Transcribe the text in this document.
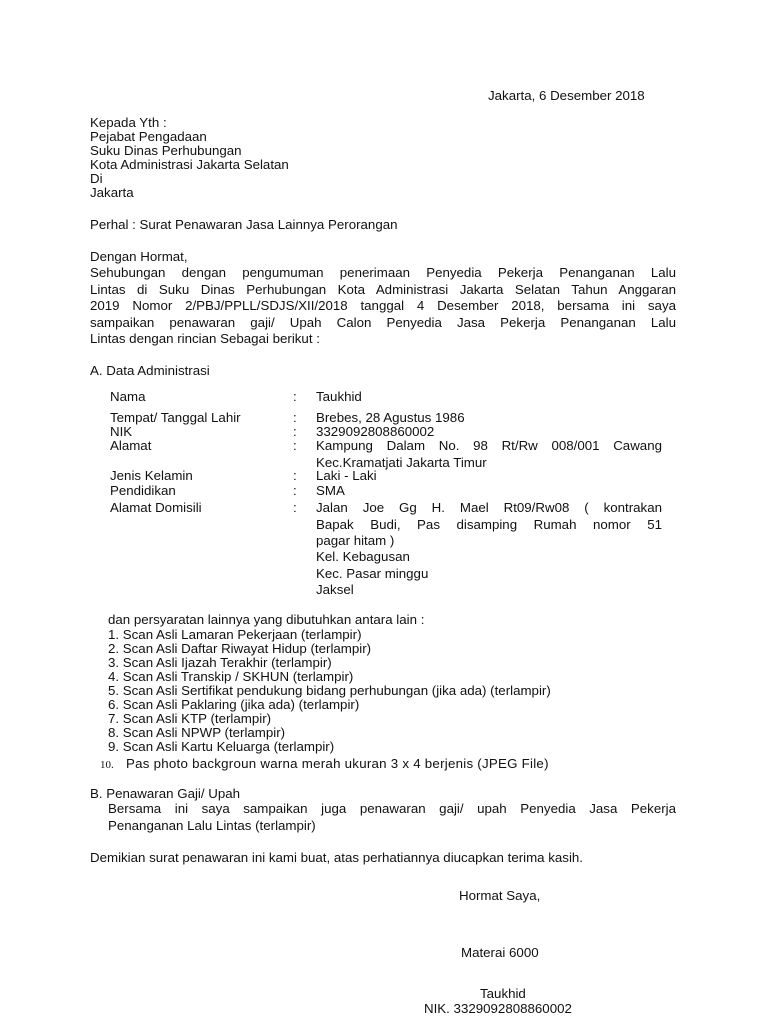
Jakarta, 6 Desember 2018
Kepada Yth :
Pejabat Pengadaan
Suku Dinas Perhubungan
Kota Administrasi Jakarta Selatan
Di
Jakarta
Perhal : Surat Penawaran Jasa Lainnya Perorangan
Dengan Hormat,
Sehubungan dengan pengumuman penerimaan Penyedia Pekerja Penanganan Lalu
Lintas di Suku Dinas Perhubungan Kota Administrasi Jakarta Selatan Tahun Anggaran
2019 Nomor 2/PBJ/PPLL/SDJS/XII/2018 tanggal 4 Desember 2018, bersama ini saya
sampaikan penawaran gaji/ Upah Calon Penyedia Jasa Pekerja Penanganan Lalu
Lintas dengan rincian Sebagai berikut :
A. Data Administrasi
Nama	: Taukhid
Tempat/ Tanggal Lahir	: Brebes, 28 Agustus 1986
NIK	: 3329092808860002
Alamat	: Kampung Dalam No. 98 Rt/Rw 008/001 Cawang
Kec.Kramatjati Jakarta Timur
Jenis Kelamin	: Laki - Laki
Pendidikan	: SMA
Alamat Domisili	: Jalan Joe Gg H. Mael Rt09/Rw08 ( kontrakan
Bapak Budi, Pas disamping Rumah nomor 51
pagar hitam )
Kel. Kebagusan
Kec. Pasar minggu
Jaksel
dan persyaratan lainnya yang dibutuhkan antara lain :
1. Scan Asli Lamaran Pekerjaan (terlampir)
2. Scan Asli Daftar Riwayat Hidup (terlampir)
3. Scan Asli Ijazah Terakhir (terlampir)
4. Scan Asli Transkip / SKHUN (terlampir)
5. Scan Asli Sertifikat pendukung bidang perhubungan (jika ada) (terlampir)
6. Scan Asli Paklaring (jika ada) (terlampir)
7. Scan Asli KTP (terlampir)
8. Scan Asli NPWP (terlampir)
9. Scan Asli Kartu Keluarga (terlampir)
10. Pas photo backgroun warna merah ukuran 3 x 4 berjenis (JPEG File)
B. Penawaran Gaji/ Upah
Bersama ini saya sampaikan juga penawaran gaji/ upah Penyedia Jasa Pekerja
Penanganan Lalu Lintas (terlampir)
Demikian surat penawaran ini kami buat, atas perhatiannya diucapkan terima kasih.
Hormat Saya,
Materai 6000
Taukhid
NIK. 3329092808860002
